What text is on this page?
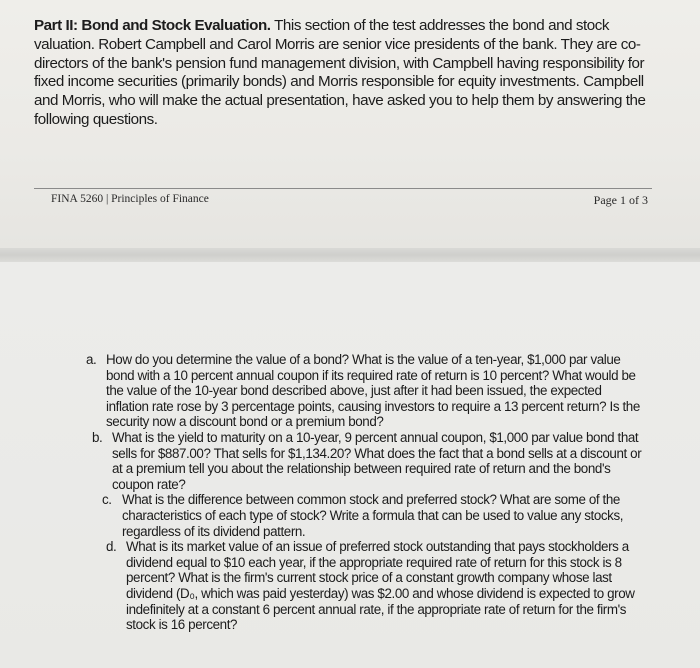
Part II: Bond and Stock Evaluation. This section of the test addresses the bond and stock valuation. Robert Campbell and Carol Morris are senior vice presidents of the bank. They are co-directors of the bank's pension fund management division, with Campbell having responsibility for fixed income securities (primarily bonds) and Morris responsible for equity investments. Campbell and Morris, who will make the actual presentation, have asked you to help them by answering the following questions.

FINA 5260 | Principles of Finance	Page 1 of 3
a. How do you determine the value of a bond? What is the value of a ten-year, $1,000 par value bond with a 10 percent annual coupon if its required rate of return is 10 percent? What would be the value of the 10-year bond described above, just after it had been issued, the expected inflation rate rose by 3 percentage points, causing investors to require a 13 percent return? Is the security now a discount bond or a premium bond?
b. What is the yield to maturity on a 10-year, 9 percent annual coupon, $1,000 par value bond that sells for $887.00? That sells for $1,134.20? What does the fact that a bond sells at a discount or at a premium tell you about the relationship between required rate of return and the bond's coupon rate?
c. What is the difference between common stock and preferred stock? What are some of the characteristics of each type of stock? Write a formula that can be used to value any stocks, regardless of its dividend pattern.
d. What is its market value of an issue of preferred stock outstanding that pays stockholders a dividend equal to $10 each year, if the appropriate required rate of return for this stock is 8 percent? What is the firm's current stock price of a constant growth company whose last dividend (D₀, which was paid yesterday) was $2.00 and whose dividend is expected to grow indefinitely at a constant 6 percent annual rate, if the appropriate rate of return for the firm's stock is 16 percent?
